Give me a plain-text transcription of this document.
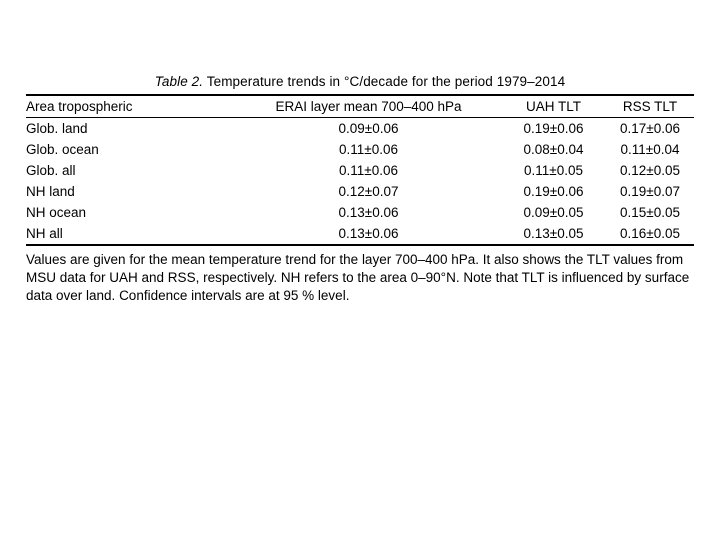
Table 2. Temperature trends in °C/decade for the period 1979–2014
Area tropospheric	ERAI layer mean 700–400 hPa	UAH TLT	RSS TLT
Glob. land	0.09±0.06	0.19±0.06	0.17±0.06
Glob. ocean	0.11±0.06	0.08±0.04	0.11±0.04
Glob. all	0.11±0.06	0.11±0.05	0.12±0.05
NH land	0.12±0.07	0.19±0.06	0.19±0.07
NH ocean	0.13±0.06	0.09±0.05	0.15±0.05
NH all	0.13±0.06	0.13±0.05	0.16±0.05
Values are given for the mean temperature trend for the layer 700–400 hPa. It also shows the TLT values from MSU data for UAH and RSS, respectively. NH refers to the area 0–90°N. Note that TLT is influenced by surface data over land. Confidence intervals are at 95 % level.
